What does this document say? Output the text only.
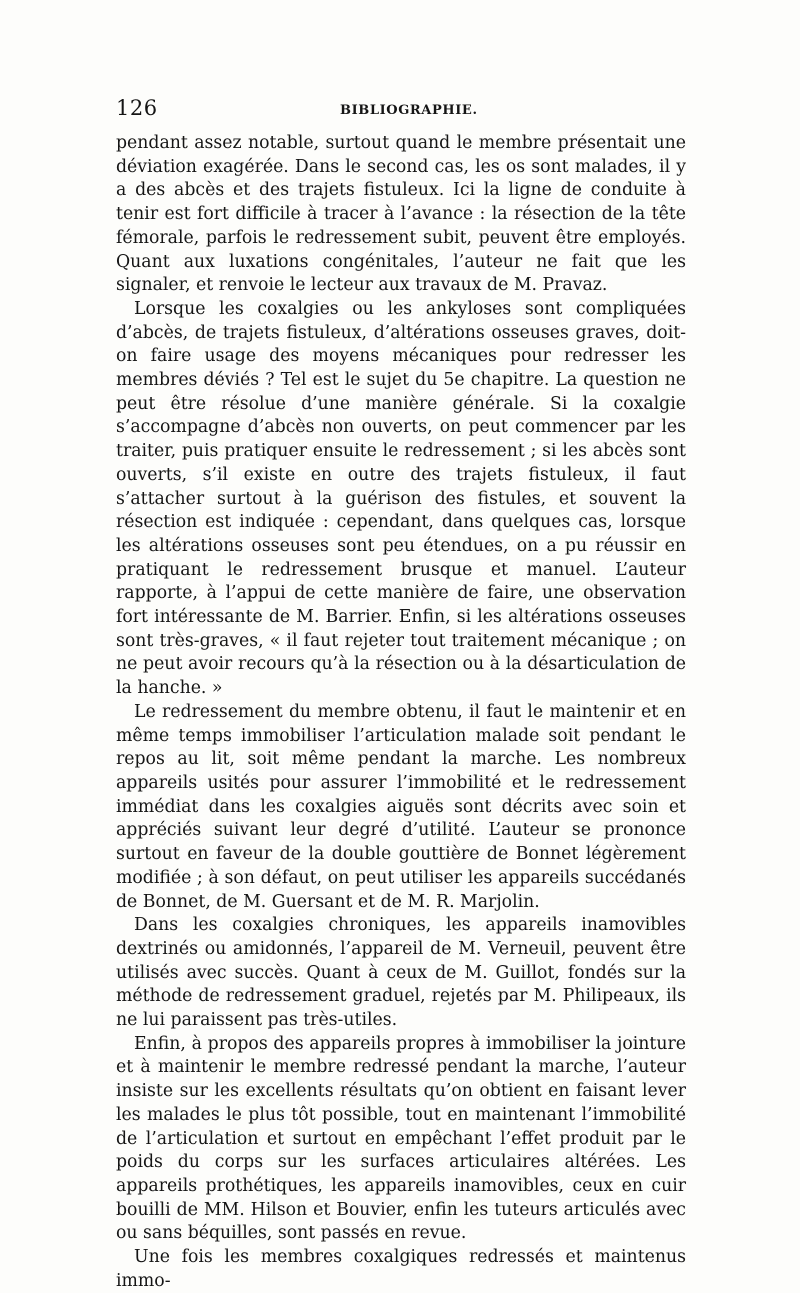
126	BIBLIOGRAPHIE.

pendant assez notable, surtout quand le membre présentait une déviation exagérée. Dans le second cas, les os sont malades, il y a des abcès et des trajets fistuleux. Ici la ligne de conduite à tenir est fort difficile à tracer à l’avance : la résection de la tête fémorale, parfois le redressement subit, peuvent être employés. Quant aux luxations congénitales, l’auteur ne fait que les signaler, et renvoie le lecteur aux travaux de M. Pravaz.

Lorsque les coxalgies ou les ankyloses sont compliquées d’abcès, de trajets fistuleux, d’altérations osseuses graves, doit-on faire usage des moyens mécaniques pour redresser les membres déviés ? Tel est le sujet du 5e chapitre. La question ne peut être résolue d’une manière générale. Si la coxalgie s’accompagne d’abcès non ouverts, on peut commencer par les traiter, puis pratiquer ensuite le redressement ; si les abcès sont ouverts, s’il existe en outre des trajets fistuleux, il faut s’attacher surtout à la guérison des fistules, et souvent la résection est indiquée : cependant, dans quelques cas, lorsque les altérations osseuses sont peu étendues, on a pu réussir en pratiquant le redressement brusque et manuel. L’auteur rapporte, à l’appui de cette manière de faire, une observation fort intéressante de M. Barrier. Enfin, si les altérations osseuses sont très-graves, « il faut rejeter tout traitement mécanique ; on ne peut avoir recours qu’à la résection ou à la désarticulation de la hanche. »

Le redressement du membre obtenu, il faut le maintenir et en même temps immobiliser l’articulation malade soit pendant le repos au lit, soit même pendant la marche. Les nombreux appareils usités pour assurer l’immobilité et le redressement immédiat dans les coxalgies aiguës sont décrits avec soin et appréciés suivant leur degré d’utilité. L’auteur se prononce surtout en faveur de la double gouttière de Bonnet légèrement modifiée ; à son défaut, on peut utiliser les appareils succédanés de Bonnet, de M. Guersant et de M. R. Marjolin.

Dans les coxalgies chroniques, les appareils inamovibles dextrinés ou amidonnés, l’appareil de M. Verneuil, peuvent être utilisés avec succès. Quant à ceux de M. Guillot, fondés sur la méthode de redressement graduel, rejetés par M. Philipeaux, ils ne lui paraissent pas très-utiles.

Enfin, à propos des appareils propres à immobiliser la jointure et à maintenir le membre redressé pendant la marche, l’auteur insiste sur les excellents résultats qu’on obtient en faisant lever les malades le plus tôt possible, tout en maintenant l’immobilité de l’articulation et surtout en empêchant l’effet produit par le poids du corps sur les surfaces articulaires altérées. Les appareils prothétiques, les appareils inamovibles, ceux en cuir bouilli de MM. Hilson et Bouvier, enfin les tuteurs articulés avec ou sans béquilles, sont passés en revue.

Une fois les membres coxalgiques redressés et maintenus immo-
